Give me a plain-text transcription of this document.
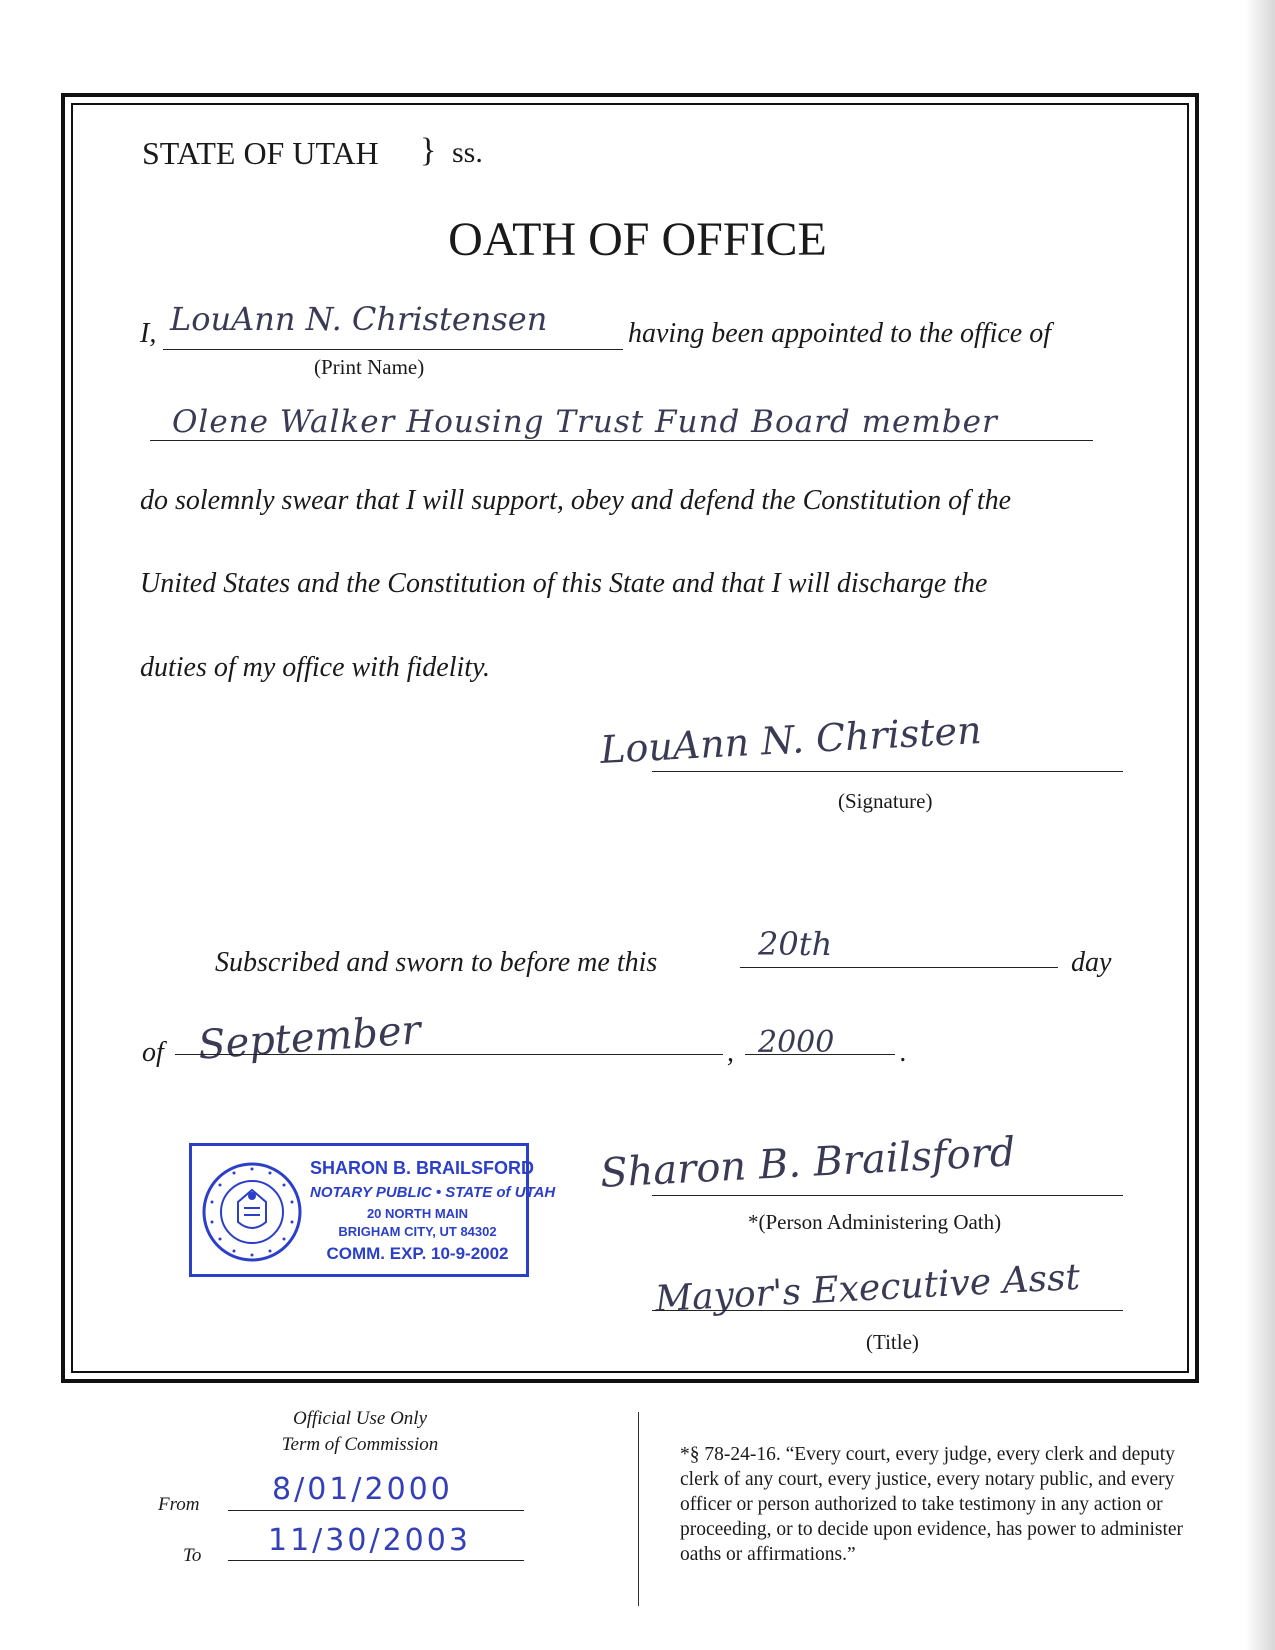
STATE OF UTAH } ss.
OATH OF OFFICE
I, LouAnn N. Christensen	having been appointed to the office of
(Print Name)
Olene Walker Housing Trust Fund Board member
do solemnly swear that I will support, obey and defend the Constitution of the
United States and the Constitution of this State and that I will discharge the
duties of my office with fidelity.
LouAnn N. Christen
(Signature)
Subscribed and sworn to before me this	20th	day
of September	, 2000 .
SHARON B. BRAILSFORD
NOTARY PUBLIC • STATE of UTAH
20 NORTH MAIN
BRIGHAM CITY, UT 84302
COMM. EXP. 10-9-2002
Sharon B. Brailsford
*(Person Administering Oath)
Mayor's Executive Asst
(Title)
Official Use Only
Term of Commission
From 8/01/2000
To 11/30/2003
*§ 78-24-16. “Every court, every judge, every clerk and deputy clerk of any court, every justice, every notary public, and every officer or person authorized to take testimony in any action or proceeding, or to decide upon evidence, has power to administer oaths or affirmations.”
